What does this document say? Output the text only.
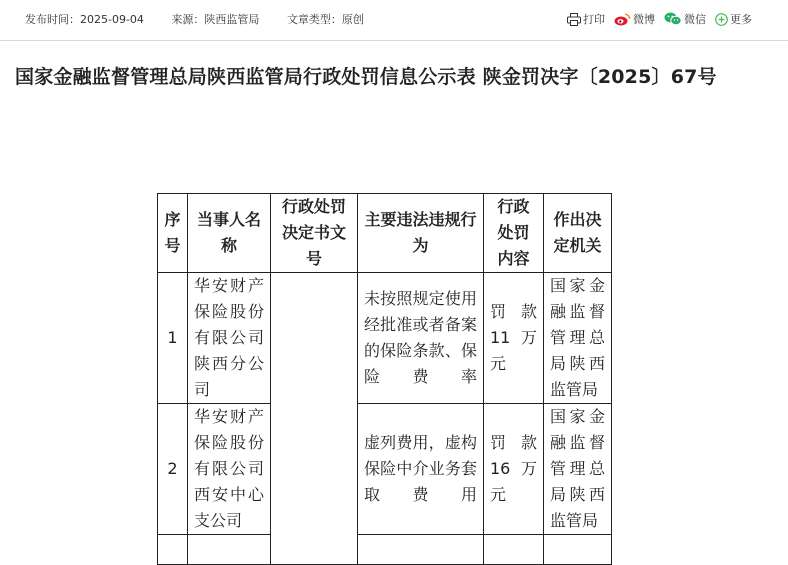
发布时间：2025-09-04	来源：陕西监管局	文章类型：原创	打印	微博	微信 更多
国家金融监督管理总局陕西监管局行政处罚信息公示表 陕金罚决字〔2025〕67号
序号	当事人名称	行政处罚决定书文号	主要违法违规行为	行政处罚内容	作出决定机关
1	华安财产保险股份有限公司陕西分公司		未按照规定使用经批准或者备案的保险条款、保险费率	罚款11万元	国家金融监督管理总局陕西监管局
2	华安财产保险股份有限公司西安中心支公司		虚列费用，虚构保险中介业务套取费用	罚款16万元	国家金融监督管理总局陕西监管局
